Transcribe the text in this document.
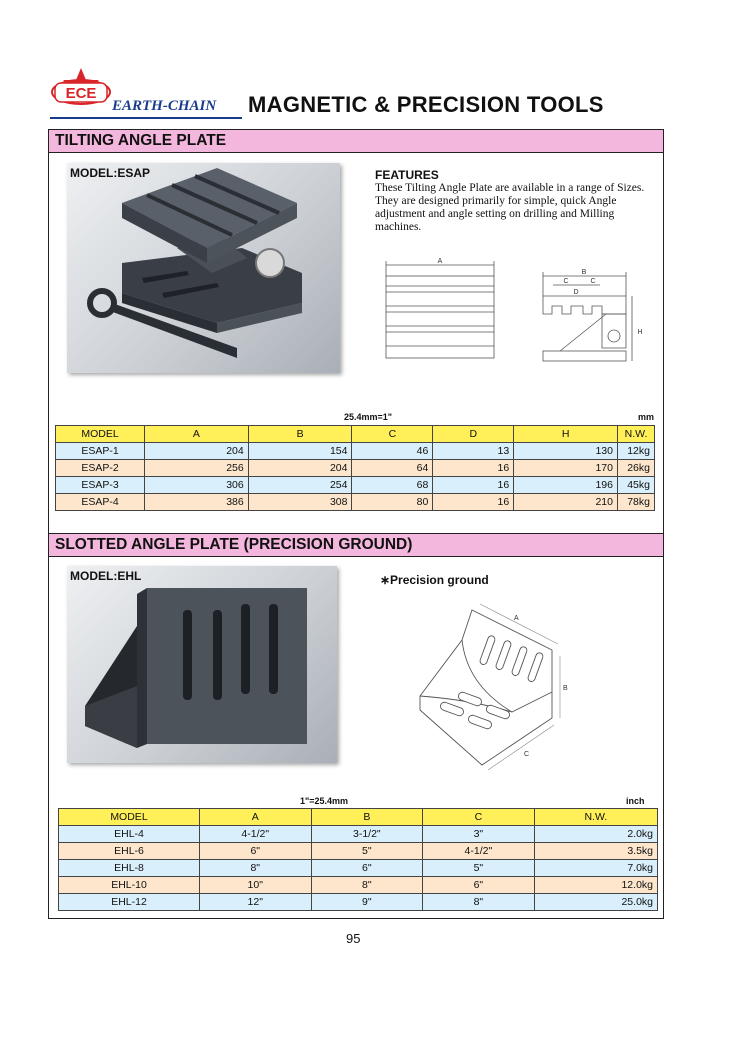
ECE
EARTH-CHAIN	MAGNETIC & PRECISION TOOLS
TILTING ANGLE PLATE
MODEL:ESAP	FEATURES
These Tilting Angle Plate are available in a range of Sizes. They are designed primarily for simple, quick Angle adjustment and angle setting on drilling and Milling machines.
A
B
C	C
D
H
25.4mm=1"	mm
MODEL	A	B	C	D	H	N.W.
ESAP-1	204	154	46	13	130	12kg
ESAP-2	256	204	64	16	170	26kg
ESAP-3	306	254	68	16	196	45kg
ESAP-4	386	308	80	16	210	78kg
SLOTTED ANGLE PLATE (PRECISION GROUND)
MODEL:EHL	∗Precision ground
A
B
C
1"=25.4mm	inch
MODEL	A	B	C	N.W.
EHL-4	4-1/2"	3-1/2"	3"	2.0kg
EHL-6	6"	5"	4-1/2"	3.5kg
EHL-8	8"	6"	5"	7.0kg
EHL-10	10"	8"	6"	12.0kg
EHL-12	12"	9"	8"	25.0kg
95
